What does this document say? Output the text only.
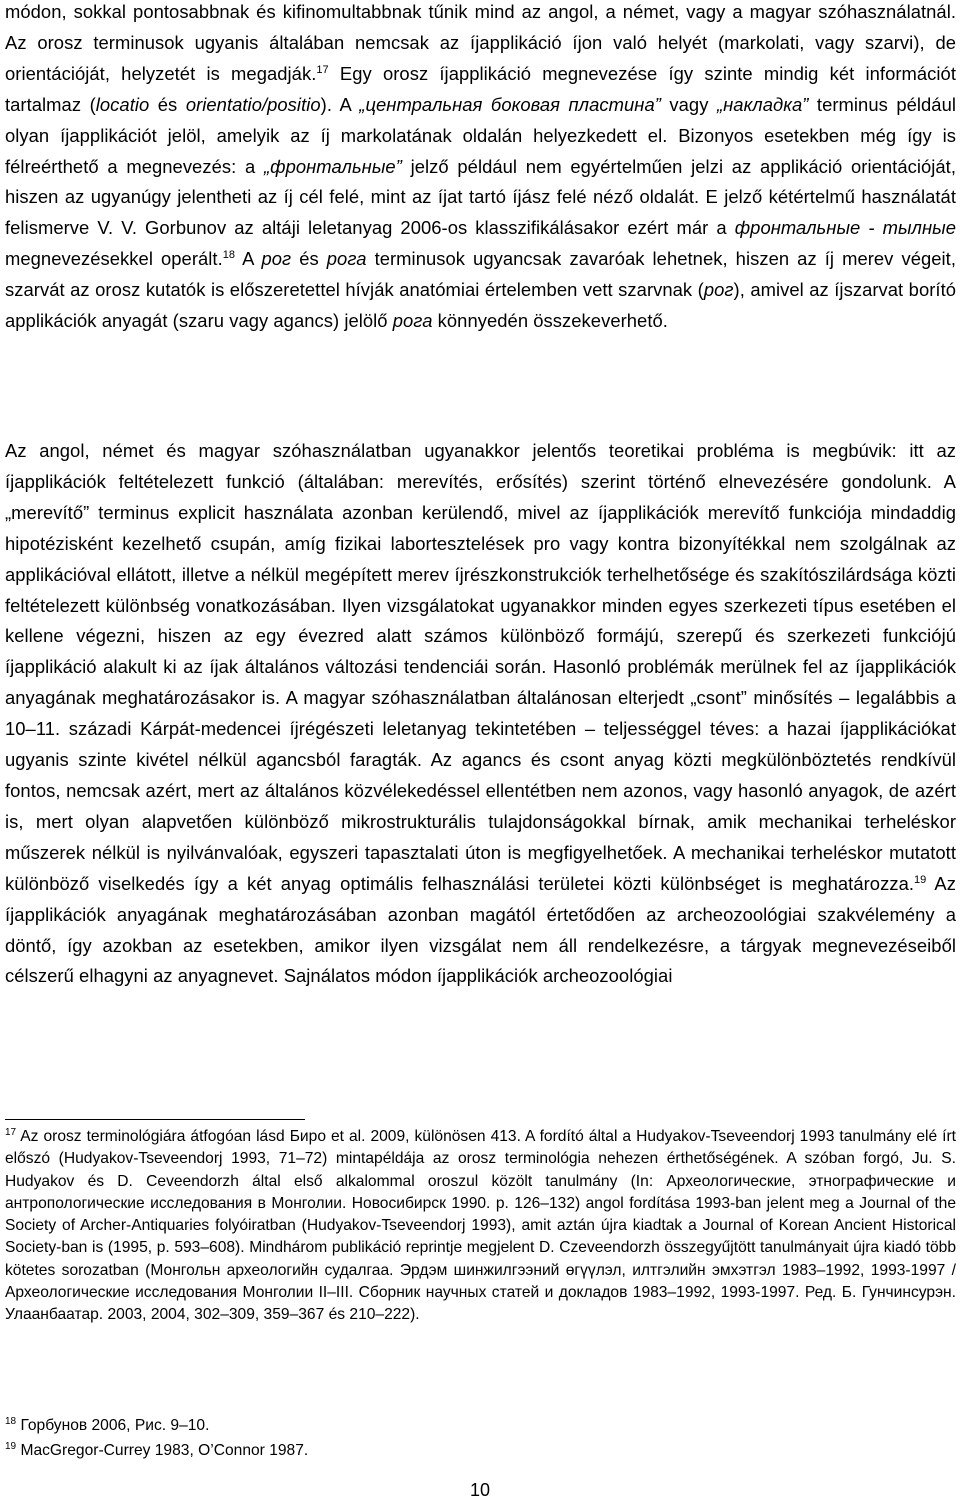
módon, sokkal pontosabbnak és kifinomultabbnak tűnik mind az angol, a német, vagy a magyar szóhasználatnál. Az orosz terminusok ugyanis általában nemcsak az íjapplikáció íjon való helyét (markolati, vagy szarvi), de orientációját, helyzetét is megadják.$^{17}$ Egy orosz íjapplikáció megnevezése így szinte mindig két információt tartalmaz (locatio és orientatio/positio). A „центральная боковая пластина” vagy „накладка” terminus például olyan íjapplikációt jelöl, amelyik az íj markolatának oldalán helyezkedett el. Bizonyos esetekben még így is félreérthető a megnevezés: a „фронтальные” jelző például nem egyértelműen jelzi az applikáció orientációját, hiszen az ugyanúgy jelentheti az íj cél felé, mint az íjat tartó íjász felé néző oldalát. E jelző kétértelmű használatát felismerve V. V. Gorbunov az altáji leletanyag 2006-os klasszifikálásakor ezért már a фронтальные - тылные megnevezésekkel operált.$^{18}$ A рог és рога terminusok ugyancsak zavaróak lehetnek, hiszen az íj merev végeit, szarvát az orosz kutatók is előszeretettel hívják anatómiai értelemben vett szarvnak (рог), amivel az íjszarvat borító applikációk anyagát (szaru vagy agancs) jelölő рога könnyedén összekeverhető.

Az angol, német és magyar szóhasználatban ugyanakkor jelentős teoretikai probléma is megbúvik: itt az íjapplikációk feltételezett funkció (általában: merevítés, erősítés) szerint történő elnevezésére gondolunk. A „merevítő” terminus explicit használata azonban kerülendő, mivel az íjapplikációk merevítő funkciója mindaddig hipotézisként kezelhető csupán, amíg fizikai labortesztelések pro vagy kontra bizonyítékkal nem szolgálnak az applikációval ellátott, illetve a nélkül megépített merev íjrészkonstrukciók terhelhetősége és szakítószilárdsága közti feltételezett különbség vonatkozásában. Ilyen vizsgálatokat ugyanakkor minden egyes szerkezeti típus esetében el kellene végezni, hiszen az egy évezred alatt számos különböző formájú, szerepű és szerkezeti funkciójú íjapplikáció alakult ki az íjak általános változási tendenciái során. Hasonló problémák merülnek fel az íjapplikációk anyagának meghatározásakor is. A magyar szóhasználatban általánosan elterjedt „csont” minősítés – legalábbis a 10–11. századi Kárpát-medencei íjrégészeti leletanyag tekintetében – teljességgel téves: a hazai íjapplikációkat ugyanis szinte kivétel nélkül agancsból faragták. Az agancs és csont anyag közti megkülönböztetés rendkívül fontos, nemcsak azért, mert az általános közvélekedéssel ellentétben nem azonos, vagy hasonló anyagok, de azért is, mert olyan alapvetően különböző mikrostrukturális tulajdonságokkal bírnak, amik mechanikai terheléskor műszerek nélkül is nyilvánvalóak, egyszeri tapasztalati úton is megfigyelhetőek. A mechanikai terheléskor mutatott különböző viselkedés így a két anyag optimális felhasználási területei közti különbséget is meghatározza.$^{19}$ Az íjapplikációk anyagának meghatározásában azonban magától értetődően az archeozoológiai szakvélemény a döntő, így azokban az esetekben, amikor ilyen vizsgálat nem áll rendelkezésre, a tárgyak megnevezéseiből célszerű elhagyni az anyagnevet. Sajnálatos módon íjapplikációk archeozoológiai

$^{17}$ Az orosz terminológiára átfogóan lásd Биро et al. 2009, különösen 413. A fordító által a Hudyakov-Tseveendorj 1993 tanulmány elé írt előszó (Hudyakov-Tseveendorj 1993, 71–72) mintapéldája az orosz terminológia nehezen érthetőségének. A szóban forgó, Ju. S. Hudyakov és D. Ceveendorzh által első alkalommal oroszul közölt tanulmány (In: Археологические, этнографические и антропологические исследования в Монголии. Новосибирск 1990. p. 126–132) angol fordítása 1993-ban jelent meg a Journal of the Society of Archer-Antiquaries folyóiratban (Hudyakov-Tseveendorj 1993), amit aztán újra kiadtak a Journal of Korean Ancient Historical Society-ban is (1995, p. 593–608). Mindhárom publikáció reprintje megjelent D. Czeveendorzh összegyűjtött tanulmányait újra kiadó több kötetes sorozatban (Монгольн археологийн судалгаа. Эрдэм шинжилгээний өгүүлэл, илтгэлийн эмхэтгэл 1983–1992, 1993-1997 / Археологические исследования Монголии II–III. Сборник научных статей и докладов 1983–1992, 1993-1997. Ред. Б. Гунчинсурэн. Улаанбаатар. 2003, 2004, 302–309, 359–367 és 210–222).

$^{18}$ Горбунов 2006, Рис. 9–10.

$^{19}$ MacGregor-Currey 1983, O’Connor 1987.

10
